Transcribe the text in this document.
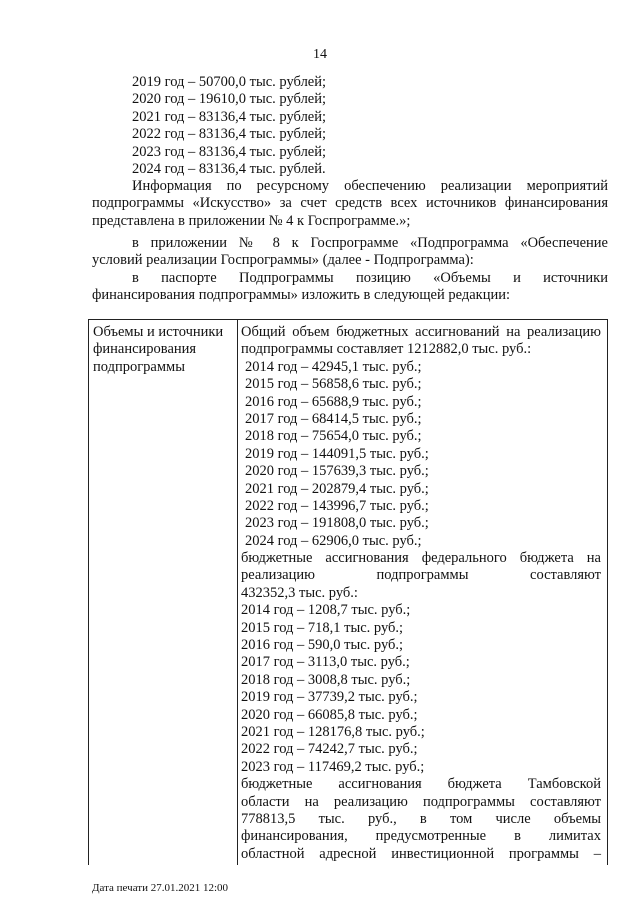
14
2019 год – 50700,0 тыс. рублей;
2020 год – 19610,0 тыс. рублей;
2021 год – 83136,4 тыс. рублей;
2022 год – 83136,4 тыс. рублей;
2023 год – 83136,4 тыс. рублей;
2024 год – 83136,4 тыс. рублей.
Информация по ресурсному обеспечению реализации мероприятий
подпрограммы «Искусство» за счет средств всех источников финансирования
представлена в приложении № 4 к Госпрограмме.»;
в приложении № 8 к Госпрограмме «Подпрограмма «Обеспечение
условий реализации Госпрограммы» (далее - Подпрограмма):
в паспорте Подпрограммы позицию «Объемы и источники
финансирования подпрограммы» изложить в следующей редакции:
Объемы и источники
финансирования
подпрограммы
Общий объем бюджетных ассигнований на реализацию
подпрограммы составляет 1212882,0 тыс. руб.:
2014 год – 42945,1 тыс. руб.;
2015 год – 56858,6 тыс. руб.;
2016 год – 65688,9 тыс. руб.;
2017 год – 68414,5 тыс. руб.;
2018 год – 75654,0 тыс. руб.;
2019 год – 144091,5 тыс. руб.;
2020 год – 157639,3 тыс. руб.;
2021 год – 202879,4 тыс. руб.;
2022 год – 143996,7 тыс. руб.;
2023 год – 191808,0 тыс. руб.;
2024 год – 62906,0 тыс. руб.;
бюджетные ассигнования федерального бюджета на
реализацию подпрограммы составляют
432352,3 тыс. руб.:
2014 год – 1208,7 тыс. руб.;
2015 год – 718,1 тыс. руб.;
2016 год – 590,0 тыс. руб.;
2017 год – 3113,0 тыс. руб.;
2018 год – 3008,8 тыс. руб.;
2019 год – 37739,2 тыс. руб.;
2020 год – 66085,8 тыс. руб.;
2021 год – 128176,8 тыс. руб.;
2022 год – 74242,7 тыс. руб.;
2023 год – 117469,2 тыс. руб.;
бюджетные ассигнования бюджета Тамбовской
области на реализацию подпрограммы составляют
778813,5 тыс. руб., в том числе объемы
финансирования, предусмотренные в лимитах
областной адресной инвестиционной программы –
Дата печати 27.01.2021 12:00
